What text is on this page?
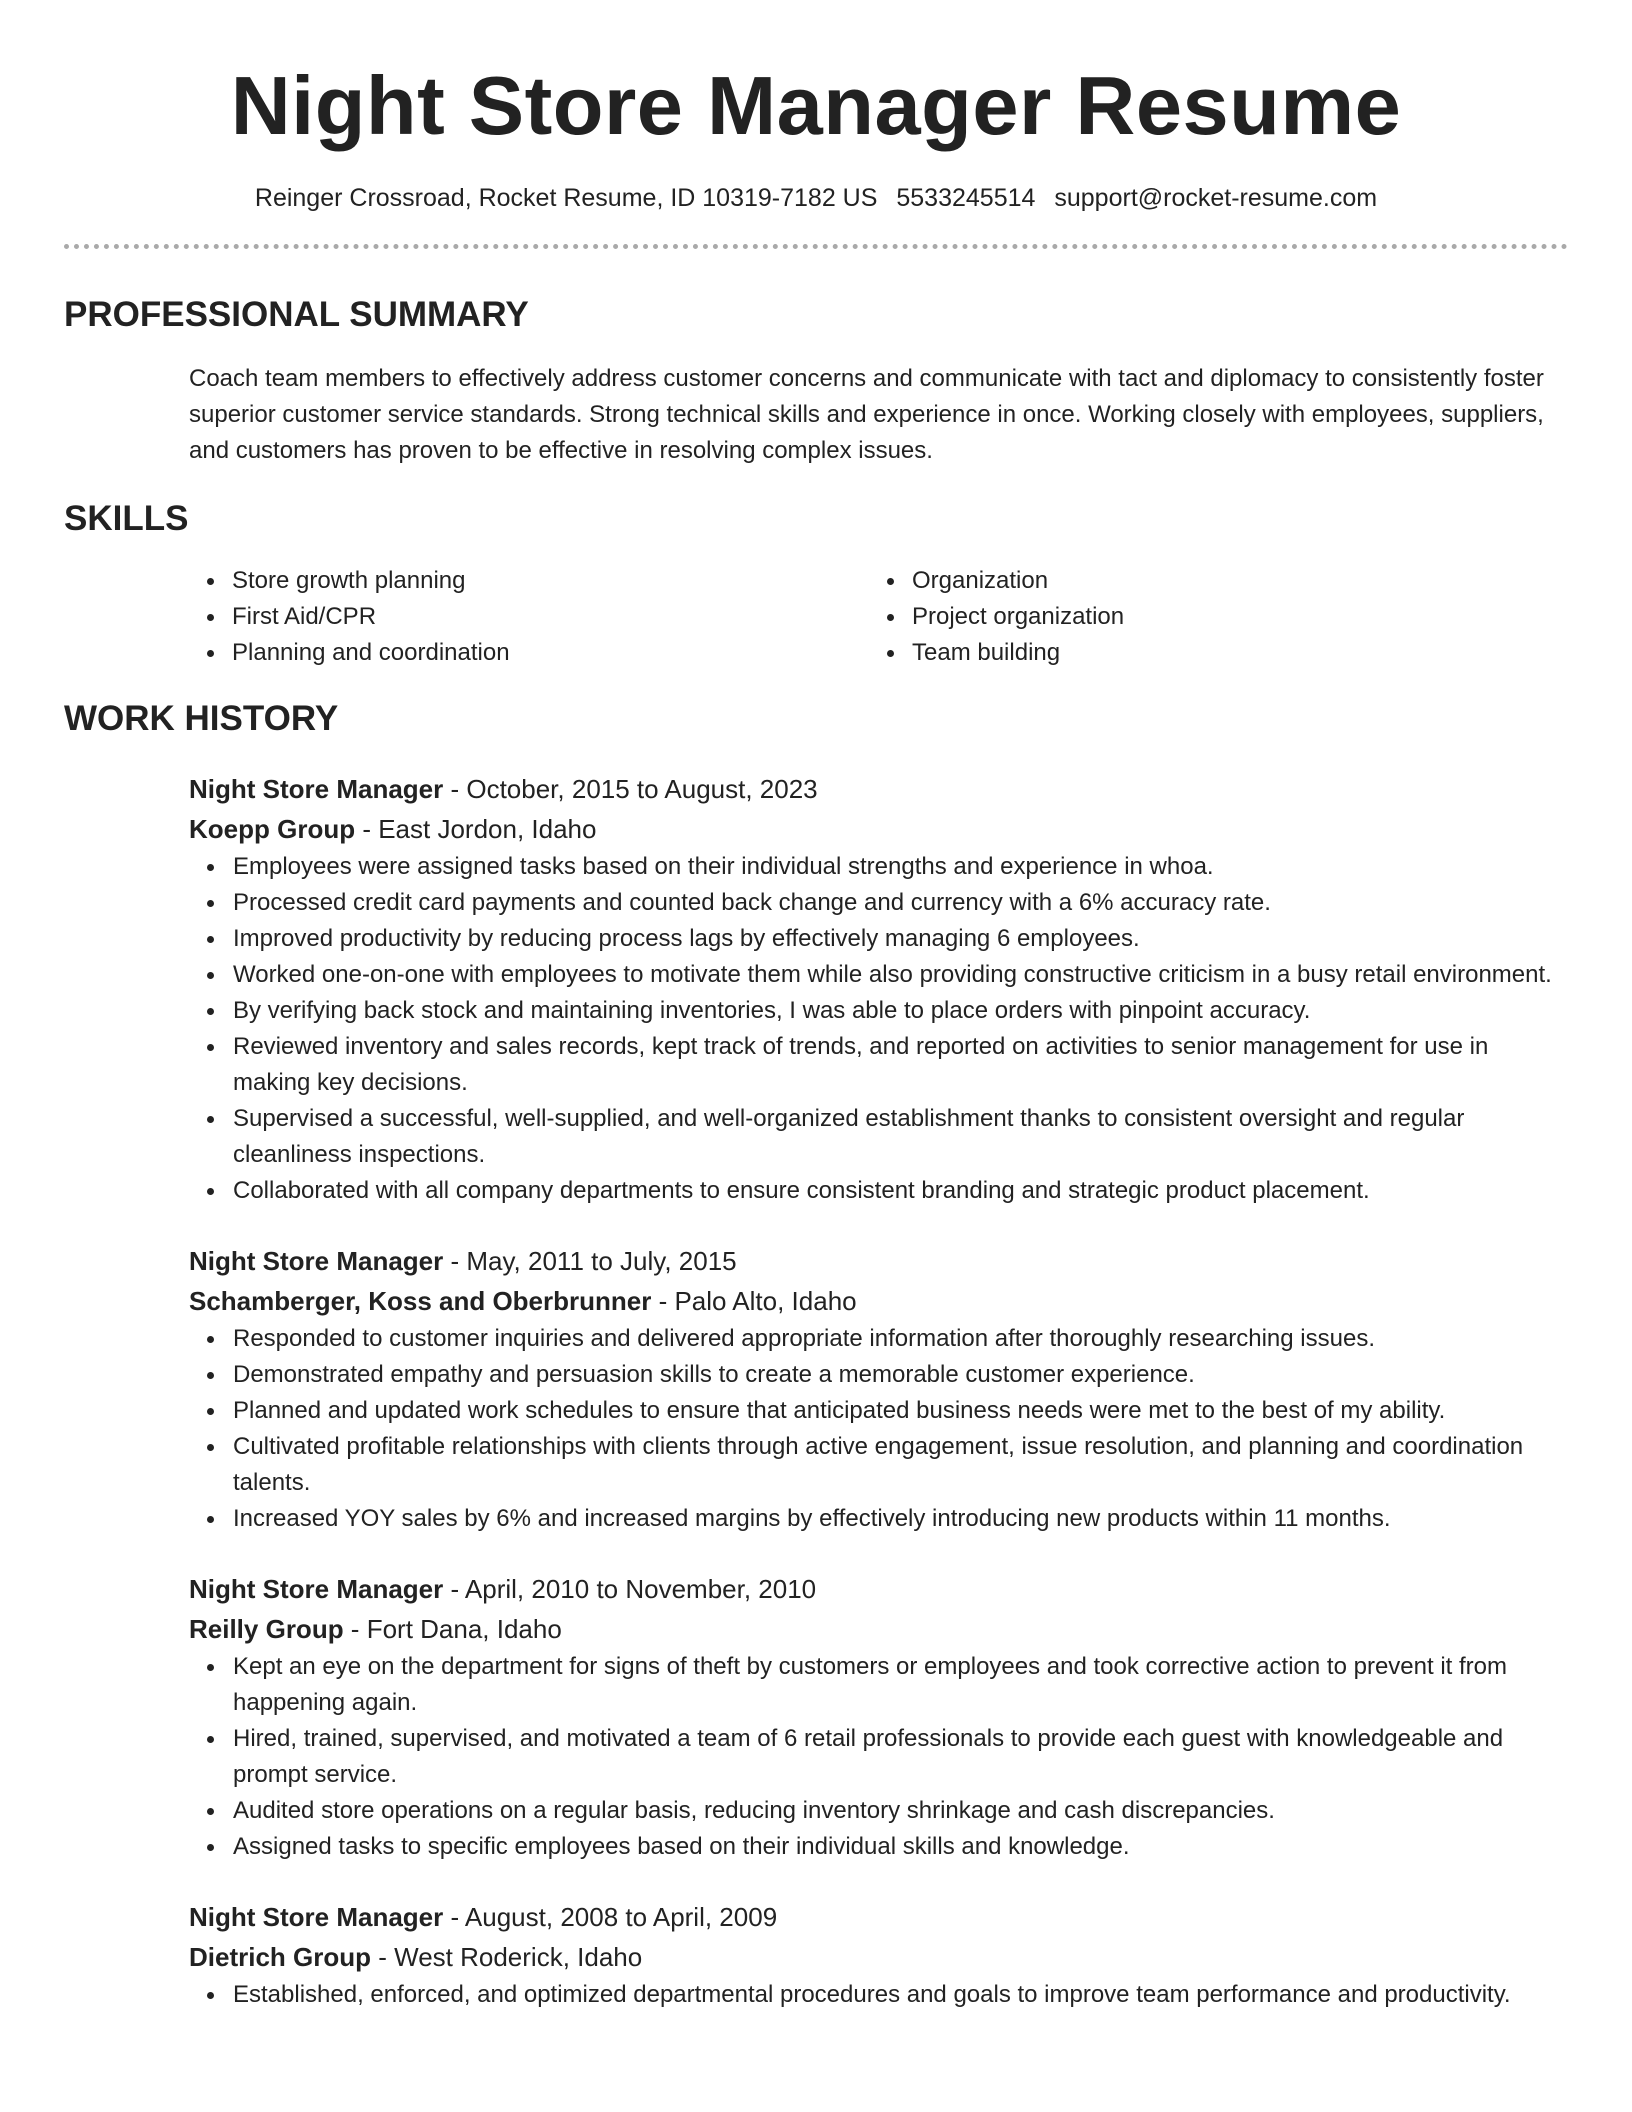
Night Store Manager Resume
Reinger Crossroad, Rocket Resume, ID 10319-7182 US 5533245514 support@rocket-resume.com
PROFESSIONAL SUMMARY

Coach team members to effectively address customer concerns and communicate with tact and diplomacy to consistently foster superior customer service standards. Strong technical skills and experience in once. Working closely with employees, suppliers, and customers has proven to be effective in resolving complex issues.

SKILLS
Store growth planning
First Aid/CPR
Planning and coordination
Organization
Project organization
Team building
WORK HISTORY
Night Store Manager - October, 2015 to August, 2023
Koepp Group - East Jordon, Idaho
Employees were assigned tasks based on their individual strengths and experience in whoa.
Processed credit card payments and counted back change and currency with a 6% accuracy rate.
Improved productivity by reducing process lags by effectively managing 6 employees.
Worked one-on-one with employees to motivate them while also providing constructive criticism in a busy retail environment.
By verifying back stock and maintaining inventories, I was able to place orders with pinpoint accuracy.
Reviewed inventory and sales records, kept track of trends, and reported on activities to senior management for use in making key decisions.
Supervised a successful, well-supplied, and well-organized establishment thanks to consistent oversight and regular cleanliness inspections.
Collaborated with all company departments to ensure consistent branding and strategic product placement.
Night Store Manager - May, 2011 to July, 2015
Schamberger, Koss and Oberbrunner - Palo Alto, Idaho
Responded to customer inquiries and delivered appropriate information after thoroughly researching issues.
Demonstrated empathy and persuasion skills to create a memorable customer experience.
Planned and updated work schedules to ensure that anticipated business needs were met to the best of my ability.
Cultivated profitable relationships with clients through active engagement, issue resolution, and planning and coordination talents.
Increased YOY sales by 6% and increased margins by effectively introducing new products within 11 months.
Night Store Manager - April, 2010 to November, 2010
Reilly Group - Fort Dana, Idaho
Kept an eye on the department for signs of theft by customers or employees and took corrective action to prevent it from happening again.
Hired, trained, supervised, and motivated a team of 6 retail professionals to provide each guest with knowledgeable and prompt service.
Audited store operations on a regular basis, reducing inventory shrinkage and cash discrepancies.
Assigned tasks to specific employees based on their individual skills and knowledge.
Night Store Manager - August, 2008 to April, 2009
Dietrich Group - West Roderick, Idaho
Established, enforced, and optimized departmental procedures and goals to improve team performance and productivity.
